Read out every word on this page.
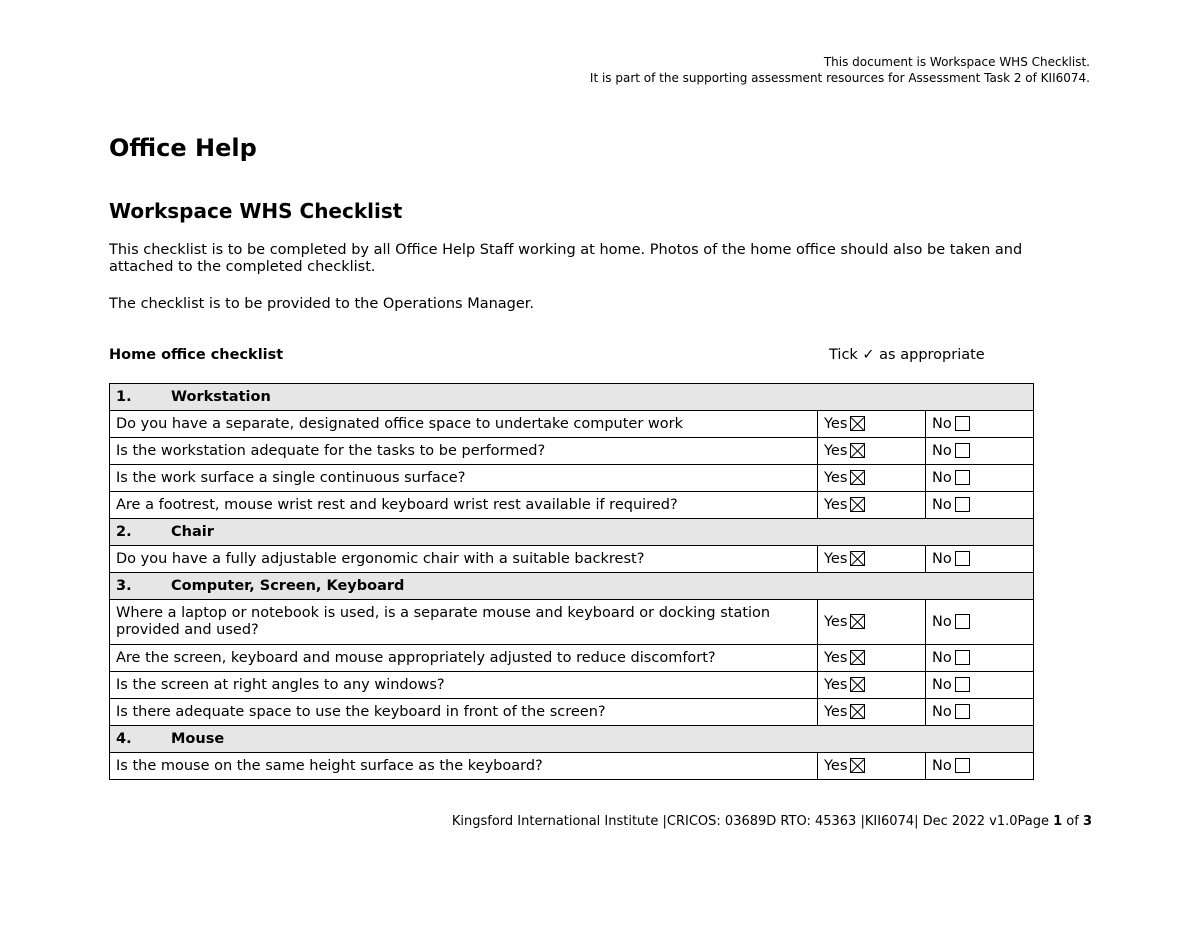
This document is Workspace WHS Checklist.
It is part of the supporting assessment resources for Assessment Task 2 of KII6074.
Office Help
Workspace WHS Checklist

This checklist is to be completed by all Office Help Staff working at home. Photos of the home office should also be taken and attached to the completed checklist.

The checklist is to be provided to the Operations Manager.

Home office checklist	Tick ✓ as appropriate
1. Workstation		
Do you have a separate, designated office space to undertake computer work	Yes	No
Is the workstation adequate for the tasks to be performed?	Yes	No
Is the work surface a single continuous surface?	Yes	No
Are a footrest, mouse wrist rest and keyboard wrist rest available if required?	Yes	No
2. Chair		
Do you have a fully adjustable ergonomic chair with a suitable backrest?	Yes	No
3. Computer, Screen, Keyboard		
Where a laptop or notebook is used, is a separate mouse and keyboard or docking station provided and used?	Yes	No
Are the screen, keyboard and mouse appropriately adjusted to reduce discomfort?	Yes	No
Is the screen at right angles to any windows?	Yes	No
Is there adequate space to use the keyboard in front of the screen?	Yes	No
4. Mouse		
Is the mouse on the same height surface as the keyboard?	Yes	No
Kingsford International Institute |CRICOS: 03689D RTO: 45363 |KII6074| Dec 2022 v1.0Page 1 of 3
